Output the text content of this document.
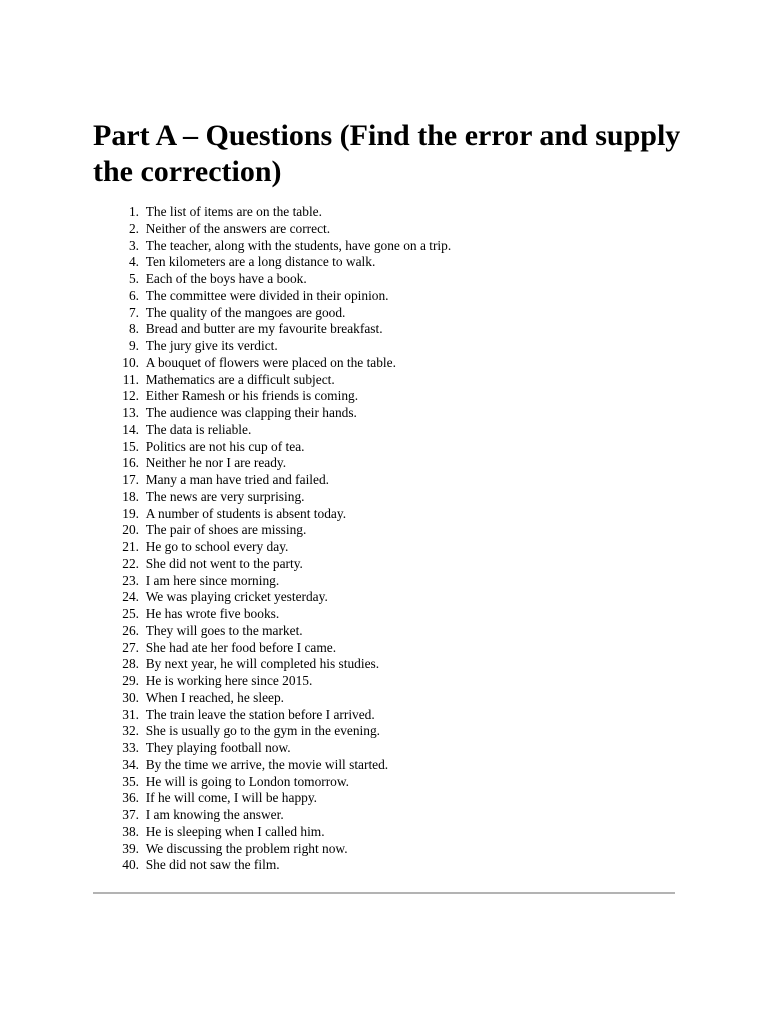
Part A – Questions (Find the error and supply the correction)
1.
The list of items are on the table.
2.
Neither of the answers are correct.
3.
The teacher, along with the students, have gone on a trip.
4.
Ten kilometers are a long distance to walk.
5.
Each of the boys have a book.
6.
The committee were divided in their opinion.
7.
The quality of the mangoes are good.
8.
Bread and butter are my favourite breakfast.
9.
The jury give its verdict.
10.
A bouquet of flowers were placed on the table.
11.
Mathematics are a difficult subject.
12.
Either Ramesh or his friends is coming.
13.
The audience was clapping their hands.
14.
The data is reliable.
15.
Politics are not his cup of tea.
16.
Neither he nor I are ready.
17.
Many a man have tried and failed.
18.
The news are very surprising.
19.
A number of students is absent today.
20.
The pair of shoes are missing.
21.
He go to school every day.
22.
She did not went to the party.
23.
I am here since morning.
24.
We was playing cricket yesterday.
25.
He has wrote five books.
26.
They will goes to the market.
27.
She had ate her food before I came.
28.
By next year, he will completed his studies.
29.
He is working here since 2015.
30.
When I reached, he sleep.
31.
The train leave the station before I arrived.
32.
She is usually go to the gym in the evening.
33.
They playing football now.
34.
By the time we arrive, the movie will started.
35.
He will is going to London tomorrow.
36.
If he will come, I will be happy.
37.
I am knowing the answer.
38.
He is sleeping when I called him.
39.
We discussing the problem right now.
40.
She did not saw the film.
